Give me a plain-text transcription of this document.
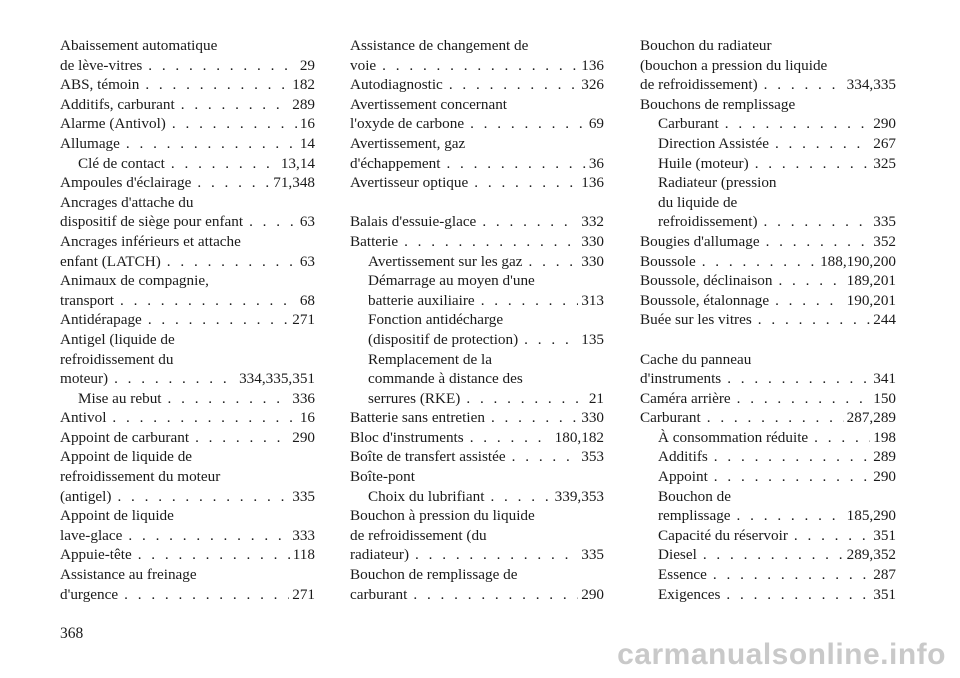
Abaissement automatique
de lève-vitres . . .	29
ABS, témoin . . .	182
Additifs, carburant . . .	289
Alarme (Antivol) . . .	16
Allumage . . .	14
Clé de contact . . .	13,14
Ampoules d'éclairage . . .	71,348
Ancrages d'attache du
dispositif de siège pour enfant . . .	63
Ancrages inférieurs et attache
enfant (LATCH) . . .	63
Animaux de compagnie,
transport . . .	68
Antidérapage . . .	271
Antigel (liquide de
refroidissement du
moteur) . . .	334,335,351
Mise au rebut . . .	336
Antivol . . .	16
Appoint de carburant . . .	290
Appoint de liquide de
refroidissement du moteur
(antigel) . . .	335
Appoint de liquide
lave-glace . . .	333
Appuie-tête . . .	118
Assistance au freinage
d'urgence . . .	271
Assistance de changement de
voie . . .	136
Autodiagnostic . . .	326
Avertissement concernant
l'oxyde de carbone . . .	69
Avertissement, gaz
d'échappement . . .	36
Avertisseur optique . . .	136
Balais d'essuie-glace . . .	332
Batterie . . .	330
Avertissement sur les gaz . . .	330
Démarrage au moyen d'une
batterie auxiliaire . . .	313
Fonction antidécharge
(dispositif de protection) . . .	135
Remplacement de la
commande à distance des
serrures (RKE) . . .	21
Batterie sans entretien . . .	330
Bloc d'instruments . . .	180,182
Boîte de transfert assistée . . .	353
Boîte-pont
Choix du lubrifiant . . .	339,353
Bouchon à pression du liquide
de refroidissement (du
radiateur) . . .	335
Bouchon de remplissage de
carburant . . .	290
Bouchon du radiateur
(bouchon a pression du liquide
de refroidissement) . . .	334,335
Bouchons de remplissage
Carburant . . .	290
Direction Assistée . . .	267
Huile (moteur) . . .	325
Radiateur (pression
du liquide de
refroidissement) . . .	335
Bougies d'allumage . . .	352
Boussole . . .	188,190,200
Boussole, déclinaison . . .	189,201
Boussole, étalonnage . . .	190,201
Buée sur les vitres . . .	244
Cache du panneau
d'instruments . . .	341
Caméra arrière . . .	150
Carburant . . .	287,289
À consommation réduite . . .	198
Additifs . . .	289
Appoint . . .	290
Bouchon de
remplissage . . .	185,290
Capacité du réservoir . . .	351
Diesel . . .	289,352
Essence . . .	287
Exigences . . .	351
368
carmanualsonline.info
